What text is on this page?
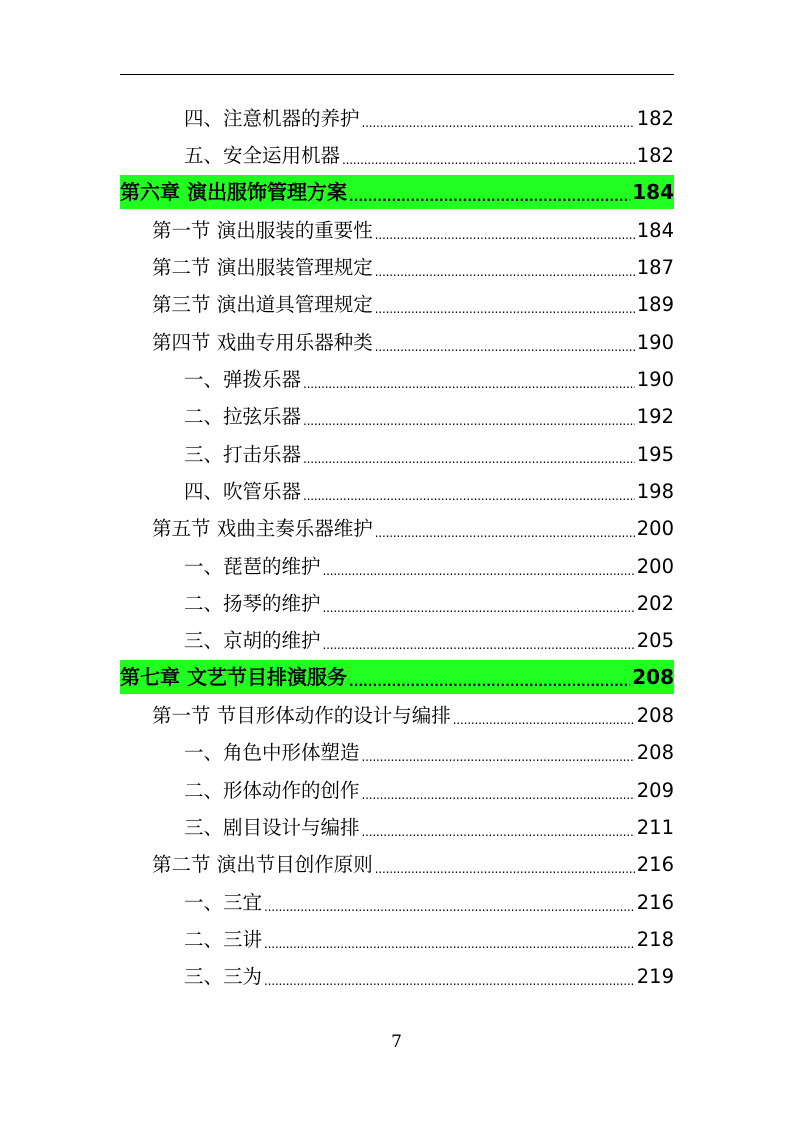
四、注意机器的养护 . . .	182
五、安全运用机器 . . .	182
第六章 演出服饰管理方案 . . .	184
第一节 演出服装的重要性 . . .	184
第二节 演出服装管理规定 . . .	187
第三节 演出道具管理规定 . . .	189
第四节 戏曲专用乐器种类 . . .	190
一、弹拨乐器 . . .	190
二、拉弦乐器 . . .	192
三、打击乐器 . . .	195
四、吹管乐器 . . .	198
第五节 戏曲主奏乐器维护 . . .	200
一、琵琶的维护 . . .	200
二、扬琴的维护 . . .	202
三、京胡的维护 . . .	205
第七章 文艺节目排演服务 . . .	208
第一节 节目形体动作的设计与编排 . . .	208
一、角色中形体塑造 . . .	208
二、形体动作的创作 . . .	209
三、剧目设计与编排 . . .	211
第二节 演出节目创作原则 . . .	216
一、三宜 . . .	216
二、三讲 . . .	218
三、三为 . . .	219
7
